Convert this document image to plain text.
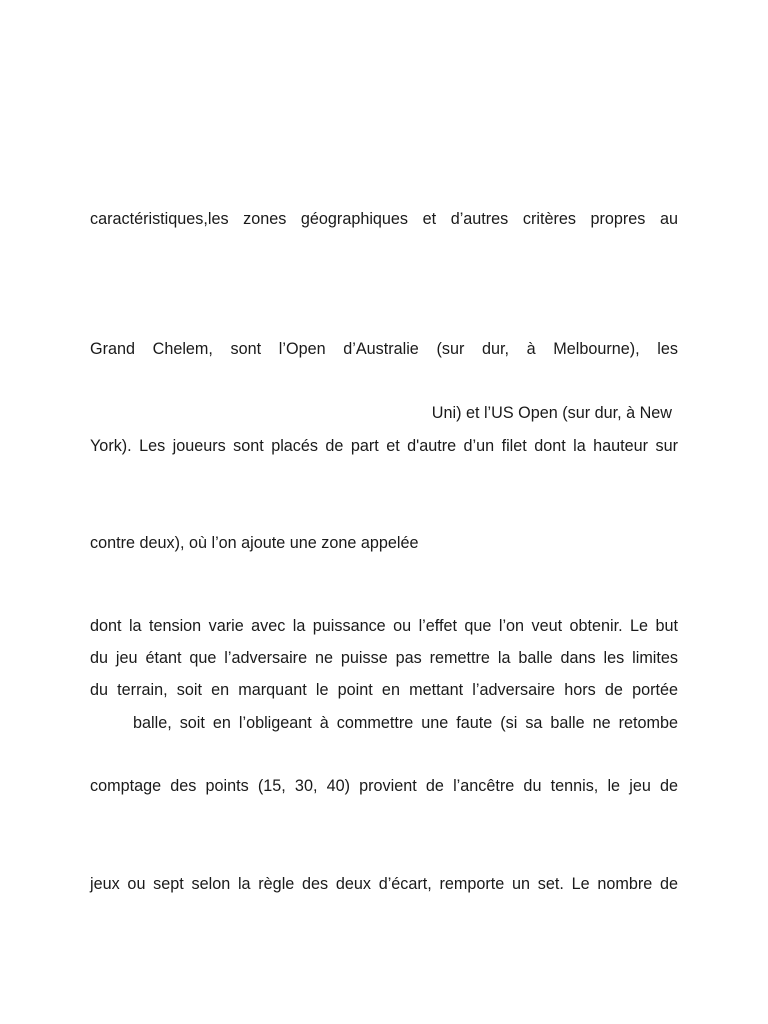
caractéristiques,les zones géographiques et d’autres critères propres au
Grand Chelem, sont l’Open d’Australie (sur dur, à Melbourne), les
Uni) et l’US Open (sur dur, à New
York). Les joueurs sont placés de part et d'autre d’un filet dont la hauteur sur
contre deux), où l’on ajoute une zone appelée
dont la tension varie avec la puissance ou l’effet que l’on veut obtenir. Le but
du jeu étant que l’adversaire ne puisse pas remettre la balle dans les limites
du terrain, soit en marquant le point en mettant l’adversaire hors de portée
balle, soit en l’obligeant à commettre une faute (si sa balle ne retombe
comptage des points (15, 30, 40) provient de l’ancêtre du tennis, le jeu de
jeux ou sept selon la règle des deux d’écart, remporte un set. Le nombre de
